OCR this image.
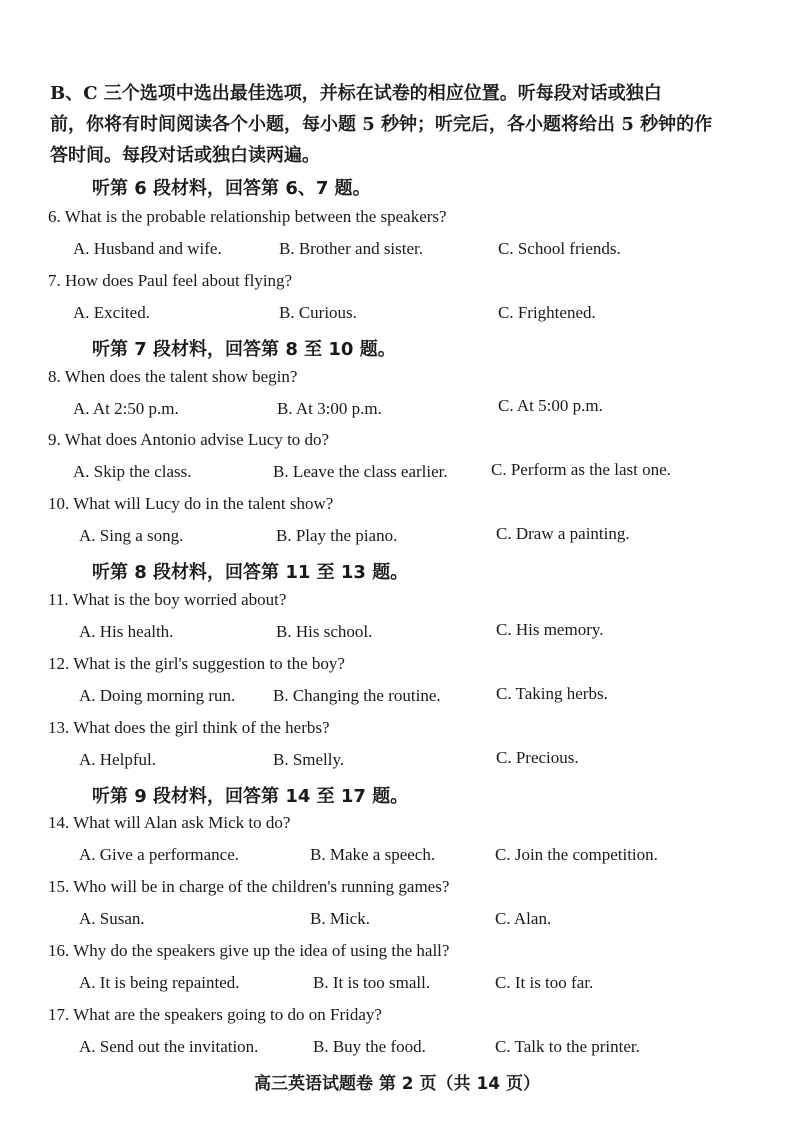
B、C 三个选项中选出最佳选项，并标在试卷的相应位置。听每段对话或独白

前，你将有时间阅读各个小题，每小题 5 秒钟；听完后，各小题将给出 5 秒钟的作

答时间。每段对话或独白读两遍。

听第 6 段材料，回答第 6、7 题。
6. What is the probable relationship between the speakers?
A. Husband and wife.	B. Brother and sister.	C. School friends.
7. How does Paul feel about flying?
A. Excited.	B. Curious.	C. Frightened.
听第 7 段材料，回答第 8 至 10 题。
8. When does the talent show begin?
A. At 2:50 p.m.	B. At 3:00 p.m.	C. At 5:00 p.m.
9. What does Antonio advise Lucy to do?
A. Skip the class.	B. Leave the class earlier.	C. Perform as the last one.
10. What will Lucy do in the talent show?
A. Sing a song.	B. Play the piano.	C. Draw a painting.
听第 8 段材料，回答第 11 至 13 题。
11. What is the boy worried about?
A. His health.	B. His school.	C. His memory.
12. What is the girl's suggestion to the boy?
A. Doing morning run. B. Changing the routine.	C. Taking herbs.
13. What does the girl think of the herbs?
A. Helpful.	B. Smelly.	C. Precious.
听第 9 段材料，回答第 14 至 17 题。
14. What will Alan ask Mick to do?
A. Give a performance.	B. Make a speech.	C. Join the competition.
15. Who will be in charge of the children's running games?
A. Susan.	B. Mick.	C. Alan.
16. Why do the speakers give up the idea of using the hall?
A. It is being repainted.	B. It is too small.	C. It is too far.
17. What are the speakers going to do on Friday?
A. Send out the invitation.	B. Buy the food.	C. Talk to the printer.
高三英语试题卷 第 2 页（共 14 页）
